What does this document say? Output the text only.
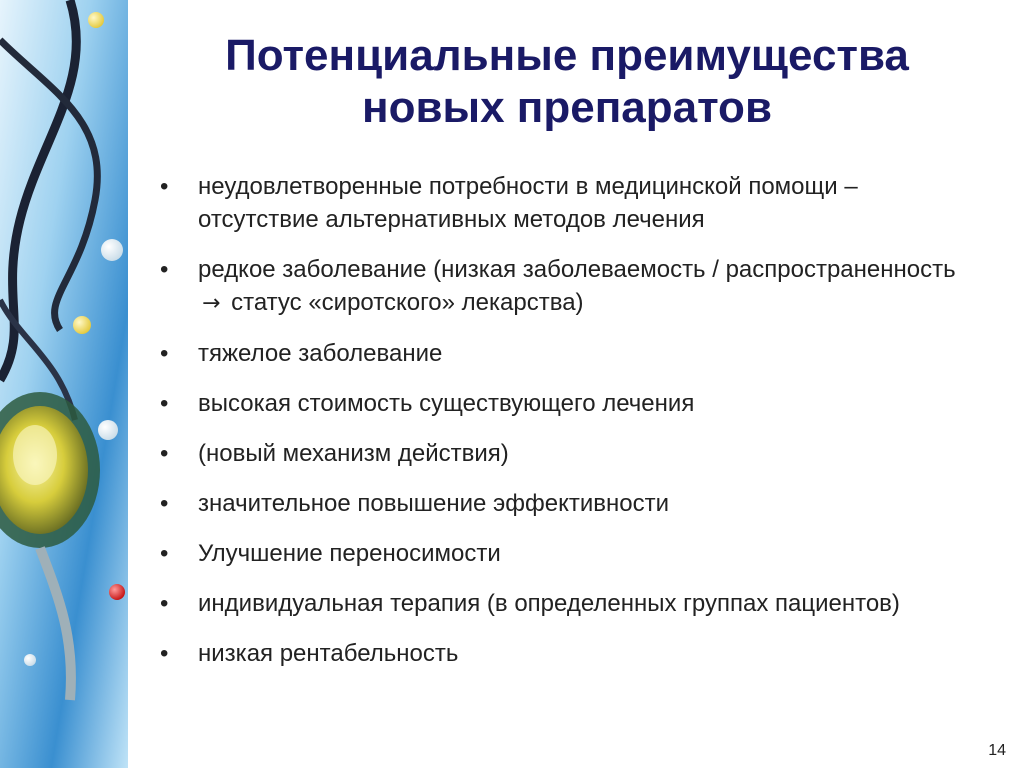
Потенциальные преимущества
новых препаратов
•	неудовлетворенные потребности в медицинской помощи – отсутствие альтернативных методов лечения
•	редкое заболевание (низкая заболеваемость / распространенность → статус «сиротского» лекарства)
•	тяжелое заболевание
•	высокая стоимость существующего лечения
•	(новый механизм действия)
•	значительное повышение эффективности
•	Улучшение переносимости
•	индивидуальная терапия (в определенных группах пациентов)
•	низкая рентабельность
14
